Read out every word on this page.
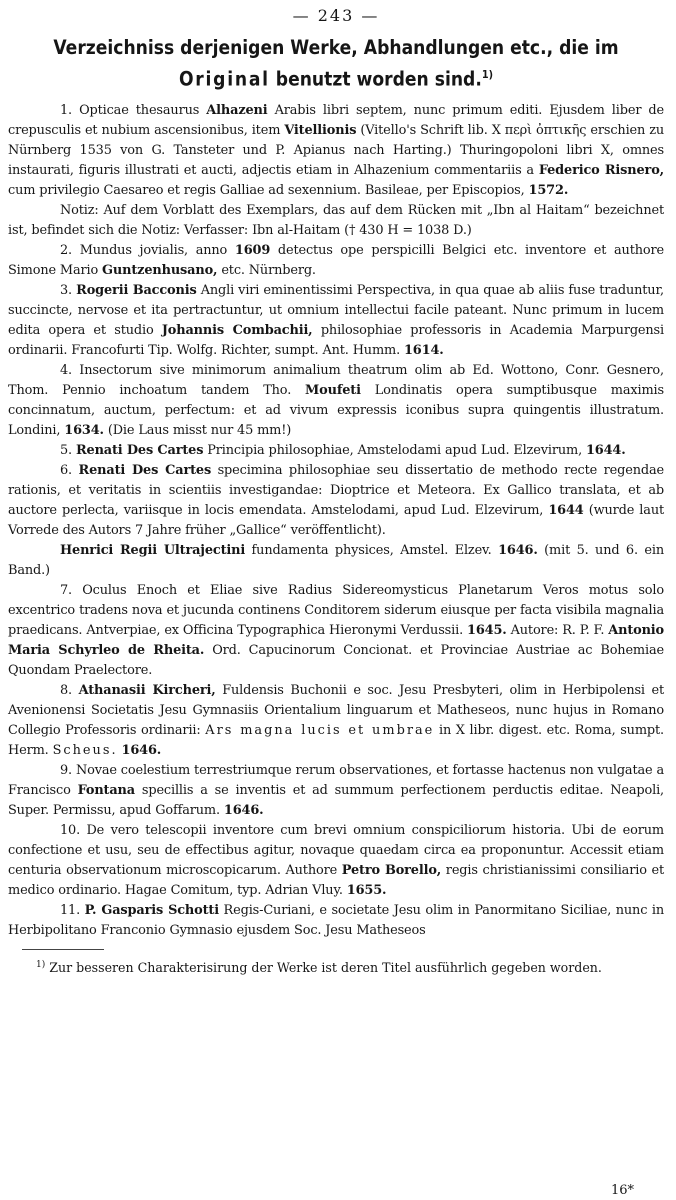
— 243 —
Verzeichniss derjenigen Werke, Abhandlungen etc., die im
Original benutzt worden sind.$^{1)}$

1. Opticae thesaurus Alhazeni Arabis libri septem, nunc primum editi. Ejusdem liber de crepusculis et nubium ascensionibus, item Vitellionis (Vitello's Schrift lib. X περὶ ὀπτικῆς erschien zu Nürnberg 1535 von G. Tansteter und P. Apianus nach Harting.) Thuringopoloni libri X, omnes instaurati, figuris illustrati et aucti, adjectis etiam in Alhazenium commentariis a Federico Risnero, cum privilegio Caesareo et regis Galliae ad sexennium. Basileae, per Episcopios, 1572.

Notiz: Auf dem Vorblatt des Exemplars, das auf dem Rücken mit „Ibn al Haitam“ bezeichnet ist, befindet sich die Notiz: Verfasser: Ibn al-Haitam († 430 H = 1038 D.)

2. Mundus jovialis, anno 1609 detectus ope perspicilli Belgici etc. inventore et authore Simone Mario Guntzenhusano, etc. Nürnberg.

3. Rogerii Bacconis Angli viri eminentissimi Perspectiva, in qua quae ab aliis fuse traduntur, succincte, nervose et ita pertractuntur, ut omnium intellectui facile pateant. Nunc primum in lucem edita opera et studio Johannis Combachii, philosophiae professoris in Academia Marpurgensi ordinarii. Francofurti Tip. Wolfg. Richter, sumpt. Ant. Humm. 1614.

4. Insectorum sive minimorum animalium theatrum olim ab Ed. Wottono, Conr. Gesnero, Thom. Pennio inchoatum tandem Tho. Moufeti Londinatis opera sumptibusque maximis concinnatum, auctum, perfectum: et ad vivum expressis iconibus supra quingentis illustratum. Londini, 1634. (Die Laus misst nur 45 mm!)

5. Renati Des Cartes Principia philosophiae, Amstelodami apud Lud. Elzevirum, 1644.

6. Renati Des Cartes specimina philosophiae seu dissertatio de methodo recte regendae rationis, et veritatis in scientiis investigandae: Dioptrice et Meteora. Ex Gallico translata, et ab auctore perlecta, variisque in locis emendata. Amstelodami, apud Lud. Elzevirum, 1644 (wurde laut Vorrede des Autors 7 Jahre früher „Gallice“ veröffentlicht).

Henrici Regii Ultrajectini fundamenta physices, Amstel. Elzev. 1646. (mit 5. und 6. ein Band.)

7. Oculus Enoch et Eliae sive Radius Sidereomysticus Planetarum Veros motus solo excentrico tradens nova et jucunda continens Conditorem siderum eiusque per facta visibila magnalia praedicans. Antverpiae, ex Officina Typographica Hieronymi Verdussii. 1645. Autore: R. P. F. Antonio Maria Schyrleo de Rheita. Ord. Capucinorum Concionat. et Provinciae Austriae ac Bohemiae Quondam Praelectore.

8. Athanasii Kircheri, Fuldensis Buchonii e soc. Jesu Presbyteri, olim in Herbipolensi et Avenionensi Societatis Jesu Gymnasiis Orientalium linguarum et Matheseos, nunc hujus in Romano Collegio Professoris ordinarii: Ars magna lucis et umbrae in X libr. digest. etc. Roma, sumpt. Herm. Scheus. 1646.

9. Novae coelestium terrestriumque rerum observationes, et fortasse hactenus non vulgatae a Francisco Fontana specillis a se inventis et ad summum perfectionem perductis editae. Neapoli, Super. Permissu, apud Goffarum. 1646.

10. De vero telescopii inventore cum brevi omnium conspiciliorum historia. Ubi de eorum confectione et usu, seu de effectibus agitur, novaque quaedam circa ea proponuntur. Accessit etiam centuria observationum microscopicarum. Authore Petro Borello, regis christianissimi consiliario et medico ordinario. Hagae Comitum, typ. Adrian Vluy. 1655.

11. P. Gasparis Schotti Regis-Curiani, e societate Jesu olim in Panormitano Siciliae, nunc in Herbipolitano Franconio Gymnasio ejusdem Soc. Jesu Matheseos

$^{1)}$ Zur besseren Charakterisirung der Werke ist deren Titel ausführlich gegeben worden.
16*
